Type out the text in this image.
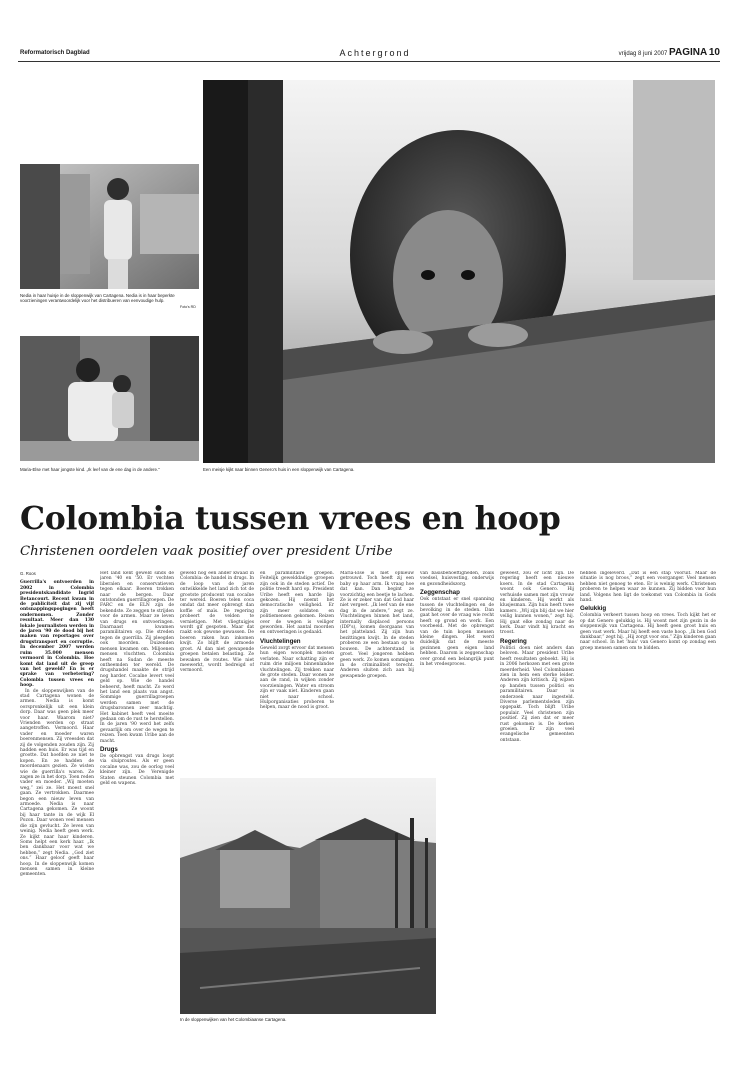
Reformatorisch Dagblad	Achtergrond	vrijdag 8 juni 2007 PAGINA 10
Nedia in haar huisje in de sloppenwijk van Cartagena. Nedia is in haar beperkte voorzieningen verantwoordelijk voor het distribueren van eenvoudige hulp.
Foto's RD
Maria-Else met haar jongste kind. „Ik leef van de ene dag in de andere.”	Een meisje kijkt naar binnen Genero's huis in een sloppenwijk van Cartagena.
Colombia tussen vrees en hoop
Christenen oordelen vaak positief over president Uribe
G. Roos

Guerrilla's ontvoerden in 2002 in Colombia presidentskandidate Ingrid Betancourt. Recent kwam in de publiciteit dat zij vijf ontsnappingspogingen heeft ondernomen. Zonder resultaat. Meer dan 130 lokale journalisten werden in de jaren '90 de dood bij het maken van reportages over drugstransport en corruptie. In december 2007 werden ruim 35.000 mensen vermoord in Colombia. Hoe komt dat land uit de greep van het geweld? En is er sprake van verbetering? Colombia tussen vrees en hoop.

In de sloppenwijken van de stad Cartagena wonen de armen. Nedia is komt oorspronkelijk uit een klein dorp. Daar was geen plek meer voor haar. Waarom niet? Vrienden werden op straat aangetroffen. Vermoord. Haar vader en moeder waren boerenmensen. Zij vreesden dat zij de volgenden zouden zijn. Zij hadden een huis. Er was tijd en grootte. Dat hoefden ze niet te kopen. En ze hadden de moordenaars gezien. Ze wisten wie de guerrilla's waren. Ze zagen ze in het dorp. Toen reden vader en moeder. „Wij moeten weg,” zei ze. Het moest snel gaan. Ze vertrokken. Daarmee begon een nieuw leven van armoede. Nedia is naar Cartagena gekomen. Ze woont bij haar tante in de wijk El Pozon. Daar wonen veel mensen die zijn gevlucht. Ze leven van weinig. Nedia heeft geen werk. Ze kijkt naar haar kinderen. Soms helpt een kerk haar. „Ik ben dankbaar voor wat we hebben,” zegt Nedia. „God ziet ons.” Haar geloof geeft haar hoop. In de sloppenwijk komen mensen samen in kleine gemeenten.

Het land kent geweld sinds de jaren '40 en '50. Er vochten liberalen en conservatieven tegen elkaar. Boeren trokken naar de bergen. Daar ontstonden guerrillagroepen. De FARC en de ELN zijn de bekendste. Ze zeggen te strijden voor de armen. Maar ze leven van drugs en ontvoeringen. Daarnaast kwamen paramilitairen op. Die streden tegen de guerrilla. Zij pleegden ook moorden. Duizenden mensen kwamen om. Miljoenen mensen vluchtten. Colombia heeft na Sudan de meeste ontheemden ter wereld. De drugshandel maakte de strijd nog harder. Cocaïne levert veel geld op. Wie de handel beheerst, heeft macht. Zo werd het land een plaats van angst. Sommige guerrillagroepen werden samen met de drugsbaronnen zeer machtig. Het kabinet heeft veel moeite gedaan om de rust te herstellen. In de jaren '90 werd het zelfs gevaarlijk om over de wegen te reizen. Toen kwam Uribe aan de macht.

Drugs

De opbrengst van drugs loopt via sluiproutes. Als er geen cocaïne was, zou de oorlog veel kleiner zijn. De Verenigde Staten steunen Colombia met geld en wapens.

geweld nog een ander kwaad in Colombia: de handel in drugs. In de loop van de jaren ontwikkelde het land zich tot de grootste producent van cocaïne ter wereld. Boeren telen coca omdat dat meer opbrengt dan koffie of maïs. De regering probeert de velden te vernietigen. Met vliegtuigjes wordt gif gespoten. Maar dat raakt ook gewone gewassen. De boeren raken hun inkomen kwijt. Zo blijft de armoede groot. Al dan niet gewapende groepen betalen belasting. Ze bewaken de routes. Wie niet meewerkt, wordt bedreigd of vermoord.

en paramilitaire groepen. Feitelijk gewelddadige groepen zijn ook in de steden actief. De politie treedt hard op. President Uribe heeft een harde lijn gekozen. Hij noemt het democratische veiligheid. Er zijn meer soldaten en politiemensen gekomen. Reizen over de wegen is veiliger geworden. Het aantal moorden en ontvoeringen is gedaald.

Vluchtelingen

Geweld zorgt ervoor dat mensen hun eigen woonplek moeten verlaten. Naar schatting zijn er ruim drie miljoen binnenlandse vluchtelingen. Zij trekken naar de grote steden. Daar wonen ze aan de rand, in wijken zonder voorzieningen. Water en stroom zijn er vaak niet. Kinderen gaan niet naar school. Hulporganisaties proberen te helpen, maar de nood is groot.

Maria-Else is niet opnieuw getrouwd. Toch heeft zij een baby op haar arm. Ik vraag hoe dat kan. Dan begint ze voorzichtig een beetje te lachen. Ze is er zeker van dat God haar niet vergeet. „Ik leef van de ene dag in de andere,” zegt ze. Vluchtelingen binnen het land, internally displaced persons (IDP's), komen doorgaans van het platteland. Zij zijn hun bezittingen kwijt. In de steden proberen ze een bestaan op te bouwen. De achterstand is groot. Veel jongeren hebben geen werk. Zo komen sommigen in de criminaliteit terecht. Anderen sluiten zich aan bij gewapende groepen.

van basisbehoeftigheden, zoals voedsel, huisvesting, onderwijs en gezondheidszorg.

Zeggenschap

Ook ontstaat er snel spanning tussen de vluchtelingen en de bevolking in de steden. Dan gaat het over de vraag wie recht heeft op grond en werk. Een voorbeeld. Met de opbrengst van de tuin kopen mensen kleine dingen. Het werd duidelijk dat de meeste gezinnen geen eigen land hebben. Daarom is zeggenschap over grond een belangrijk punt in het vredesproces.

In de sloppenwijken van het Colombiaanse Cartagena.

geweest, zou er licht zijn. De regering heeft een nieuwe koers. In de stad Cartagena woont ook Genero. Hij verhuisde samen met zijn vrouw en kinderen. Hij werkt als klusjesman. Zijn huis heeft twee kamers. „Wij zijn blij dat we hier veilig kunnen wonen,” zegt hij. Hij gaat elke zondag naar de kerk. Daar vindt hij kracht en troost.

Regering

Politici doen niet anders dan beloven. Maar president Uribe heeft resultaten geboekt. Hij is in 2006 herkozen met een grote meerderheid. Veel Colombianen zien in hem een sterke leider. Anderen zijn kritisch. Zij wijzen op banden tussen politici en paramilitairen. Daar is onderzoek naar ingesteld. Diverse parlementsleden zijn opgepakt. Toch blijft Uribe populair. Veel christenen zijn positief. Zij zien dat er meer rust gekomen is. De kerken groeien. Er zijn veel evangelische gemeenten ontstaan.

hebben ingeleverd. „Dat is een stap vooruit. Maar de situatie is nog broos,” zegt een voorganger. Veel mensen hebben niet genoeg te eten. Er is weinig werk. Christenen proberen te helpen waar ze kunnen. Zij bidden voor hun land. Volgens hen ligt de toekomst van Colombia in Gods hand.

Gelukkig

Colombia verkeert tussen hoop en vrees. Toch kijkt het er op dat Genero gelukkig is. Hij woont met zijn gezin in de sloppenwijk van Cartagena. Hij heeft geen groot huis en geen vast werk. Maar hij heeft een vaste hoop. „Ik ben God dankbaar,” zegt hij. „Hij zorgt voor ons.” Zijn kinderen gaan naar school. In het ‘huis’ van Genero komt op zondag een groep mensen samen om te bidden.
